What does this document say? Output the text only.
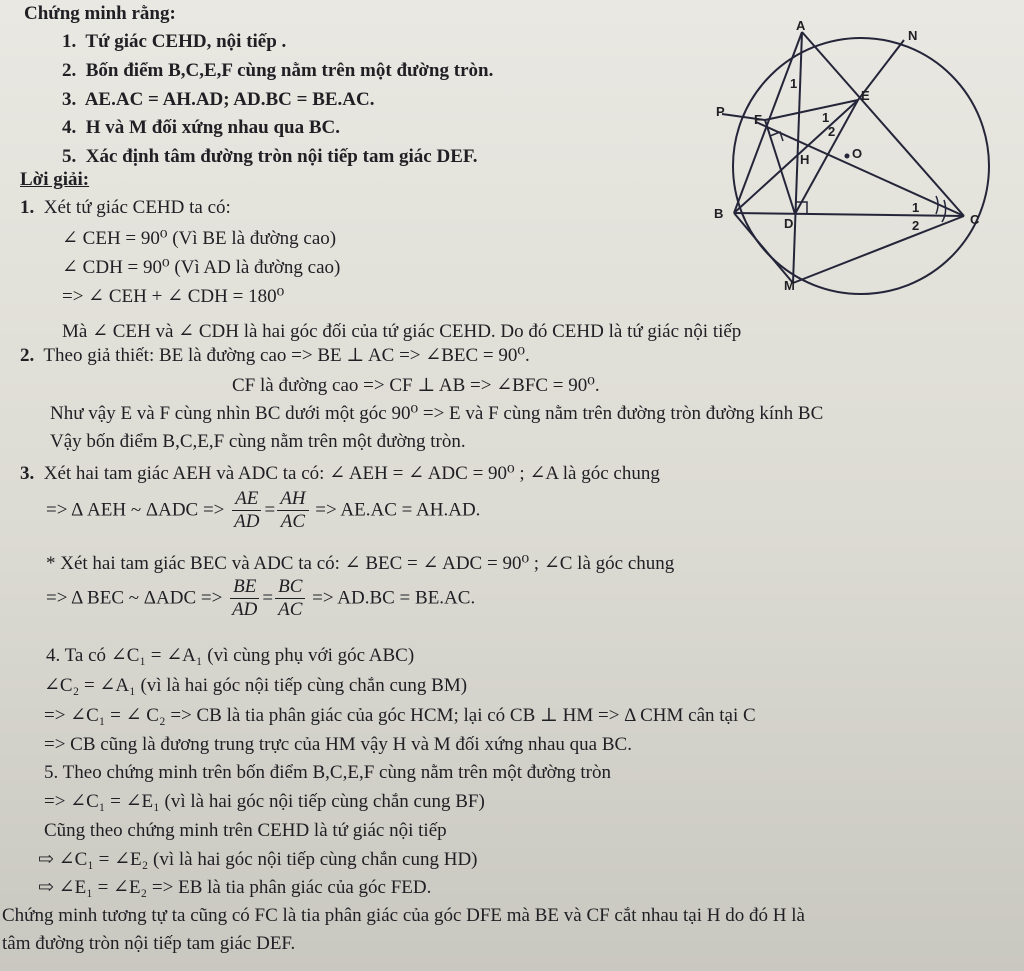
Chứng minh rằng:
1. Tứ giác CEHD, nội tiếp .
2. Bốn điểm B,C,E,F cùng nằm trên một đường tròn.
3. AE.AC = AH.AD; AD.BC = BE.AC.
4. H và M đối xứng nhau qua BC.
5. Xác định tâm đường tròn nội tiếp tam giác DEF.
Lời giải:
1. Xét tứ giác CEHD ta có:
∠ CEH = 90⁰ (Vì BE là đường cao)
∠ CDH = 90⁰ (Vì AD là đường cao)
=> ∠ CEH + ∠ CDH = 180⁰
Mà ∠ CEH và ∠ CDH là hai góc đối của tứ giác CEHD. Do đó CEHD là tứ giác nội tiếp
2. Theo giả thiết: BE là đường cao => BE ⊥ AC => ∠BEC = 90⁰.
CF là đường cao => CF ⊥ AB => ∠BFC = 90⁰.
Như vậy E và F cùng nhìn BC dưới một góc 90⁰ => E và F cùng nằm trên đường tròn đường kính BC
Vậy bốn điểm B,C,E,F cùng nằm trên một đường tròn.
3. Xét hai tam giác AEH và ADC ta có: ∠ AEH = ∠ ADC = 90⁰ ; ∠A là góc chung
=> Δ AEH ~ $\Delta ADC => \frac{AE}{AD} = \frac{AH}{AC} => AE.AC = AH.AD$.
* Xét hai tam giác BEC và ADC ta có: ∠ BEC = ∠ ADC = 90⁰ ; ∠C là góc chung
=> Δ BEC ~ $\Delta ADC => \frac{BE}{AD} = \frac{BC}{AC} => AD.BC = BE.AC$.
4. Ta có ∠C₁ = ∠A₁ (vì cùng phụ với góc ABC)
∠C₂ = ∠A₁ (vì là hai góc nội tiếp cùng chắn cung BM)
=> ∠C₁ = ∠ C₂ => CB là tia phân giác của góc HCM; lại có CB ⊥ HM => Δ CHM cân tại C
=> CB cũng là đương trung trực của HM vậy H và M đối xứng nhau qua BC.
5. Theo chứng minh trên bốn điểm B,C,E,F cùng nằm trên một đường tròn
=> ∠C₁ = ∠E₁ (vì là hai góc nội tiếp cùng chắn cung BF)
Cũng theo chứng minh trên CEHD là tứ giác nội tiếp
⇨ ∠C₁ = ∠E₂ (vì là hai góc nội tiếp cùng chắn cung HD)
⇨ ∠E₁ = ∠E₂ => EB là tia phân giác của góc FED.
Chứng minh tương tự ta cũng có FC là tia phân giác của góc DFE mà BE và CF cắt nhau tại H do đó H là
tâm đường tròn nội tiếp tam giác DEF.
A
N
P
E
F
H	O
B
D	C
M
1
1
2
1
2
